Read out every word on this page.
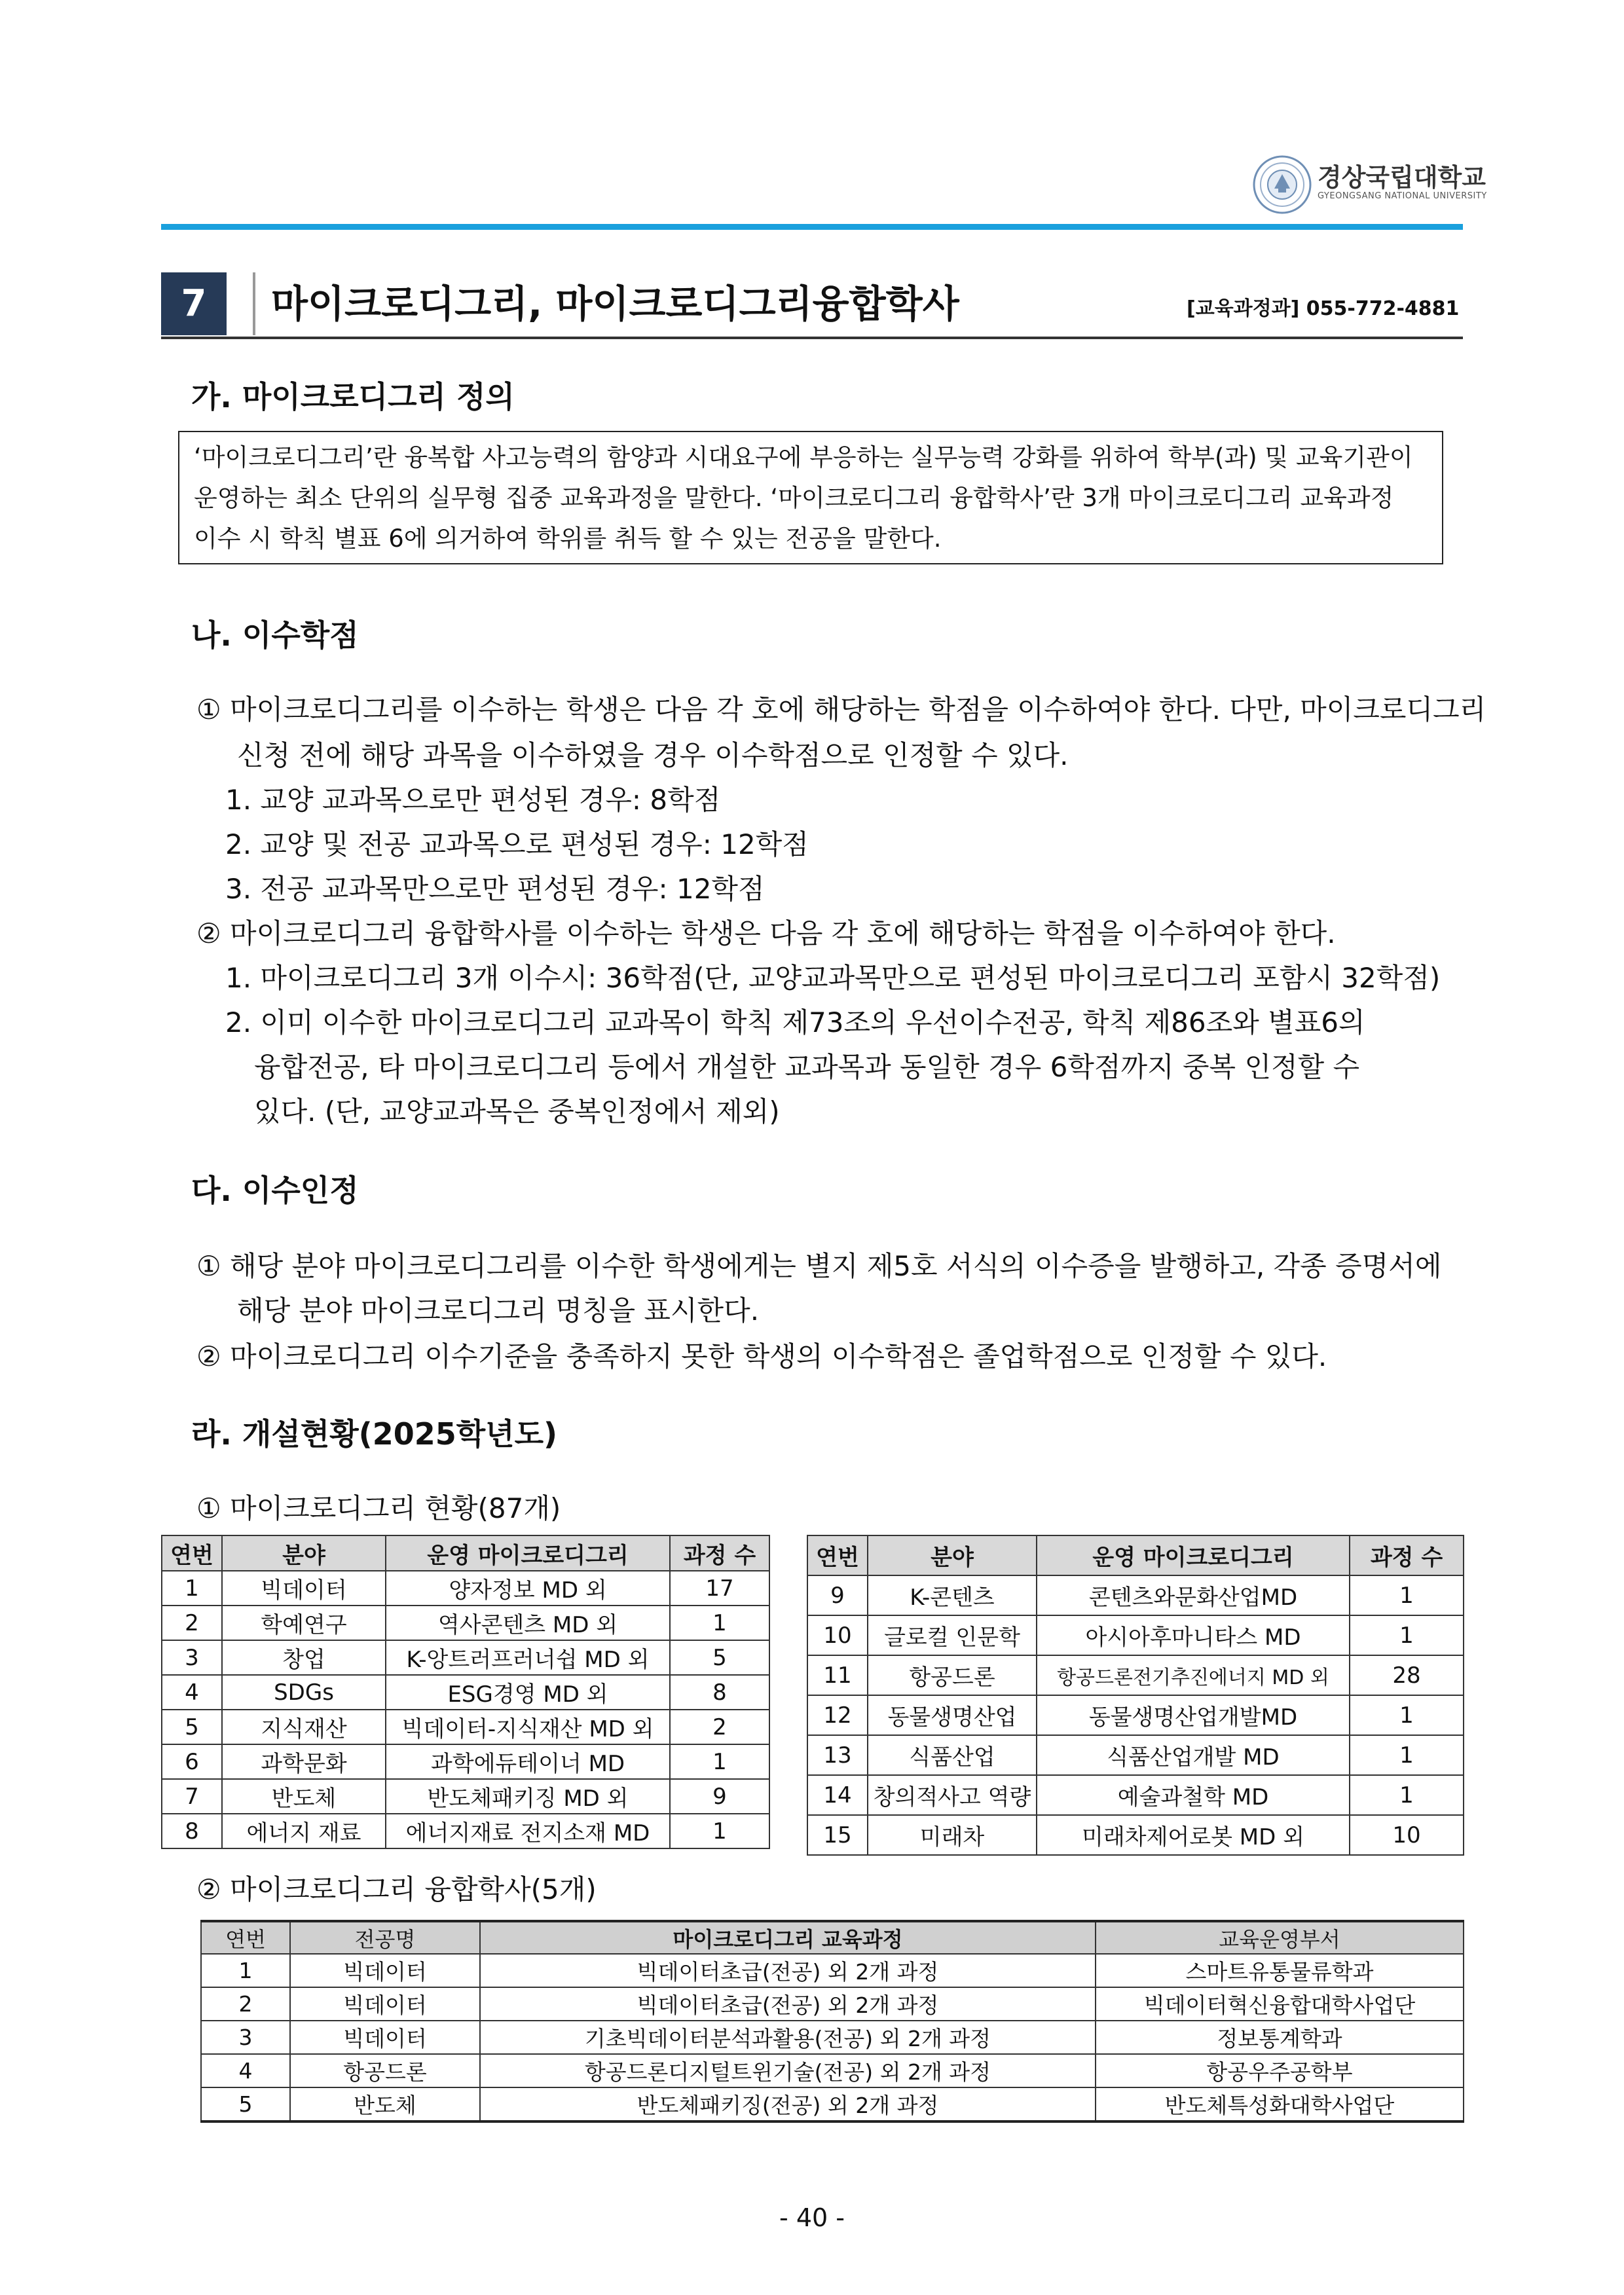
경상국립대학교
GYEONGSANG NATIONAL UNIVERSITY
7	마이크로디그리, 마이크로디그리융합학사	[교육과정과] 055-772-4881
가. 마이크로디그리 정의
‘마이크로디그리’란 융복합 사고능력의 함양과 시대요구에 부응하는 실무능력 강화를 위하여 학부(과) 및 교육기관이
운영하는 최소 단위의 실무형 집중 교육과정을 말한다. ‘마이크로디그리 융합학사’란 3개 마이크로디그리 교육과정
이수 시 학칙 별표 6에 의거하여 학위를 취득 할 수 있는 전공을 말한다.
나. 이수학점
① 마이크로디그리를 이수하는 학생은 다음 각 호에 해당하는 학점을 이수하여야 한다. 다만, 마이크로디그리
신청 전에 해당 과목을 이수하였을 경우 이수학점으로 인정할 수 있다.
1. 교양 교과목으로만 편성된 경우: 8학점
2. 교양 및 전공 교과목으로 편성된 경우: 12학점
3. 전공 교과목만으로만 편성된 경우: 12학점
② 마이크로디그리 융합학사를 이수하는 학생은 다음 각 호에 해당하는 학점을 이수하여야 한다.
1. 마이크로디그리 3개 이수시: 36학점(단, 교양교과목만으로 편성된 마이크로디그리 포함시 32학점)
2. 이미 이수한 마이크로디그리 교과목이 학칙 제73조의 우선이수전공, 학칙 제86조와 별표6의
융합전공, 타 마이크로디그리 등에서 개설한 교과목과 동일한 경우 6학점까지 중복 인정할 수
있다. (단, 교양교과목은 중복인정에서 제외)
다. 이수인정
① 해당 분야 마이크로디그리를 이수한 학생에게는 별지 제5호 서식의 이수증을 발행하고, 각종 증명서에
해당 분야 마이크로디그리 명칭을 표시한다.
② 마이크로디그리 이수기준을 충족하지 못한 학생의 이수학점은 졸업학점으로 인정할 수 있다.
라. 개설현황(2025학년도)
① 마이크로디그리 현황(87개)
연번	분야	운영 마이크로디그리	과정 수
1	빅데이터	양자정보 MD 외	17
2	학예연구	역사콘텐츠 MD 외	1
3	창업	K-앙트러프러너쉽 MD 외	5
4	SDGs	ESG경영 MD 외	8
5	지식재산	빅데이터-지식재산 MD 외	2
6	과학문화	과학에듀테이너 MD	1
7	반도체	반도체패키징 MD 외	9
8	에너지 재료	에너지재료 전지소재 MD	1
연번	분야	운영 마이크로디그리	과정 수
9	K-콘텐츠	콘텐츠와문화산업MD	1
10	글로컬 인문학	아시아후마니타스 MD	1
11	항공드론	항공드론전기추진에너지 MD 외	28
12	동물생명산업	동물생명산업개발MD	1
13	식품산업	식품산업개발 MD	1
14	창의적사고 역량	예술과철학 MD	1
15	미래차	미래차제어로봇 MD 외	10
② 마이크로디그리 융합학사(5개)
연번	전공명	마이크로디그리 교육과정	교육운영부서
1	빅데이터	빅데이터초급(전공) 외 2개 과정	스마트유통물류학과
2	빅데이터	빅데이터초급(전공) 외 2개 과정	빅데이터혁신융합대학사업단
3	빅데이터	기초빅데이터분석과활용(전공) 외 2개 과정	정보통계학과
4	항공드론	항공드론디지털트윈기술(전공) 외 2개 과정	항공우주공학부
5	반도체	반도체패키징(전공) 외 2개 과정	반도체특성화대학사업단
- 40 -
